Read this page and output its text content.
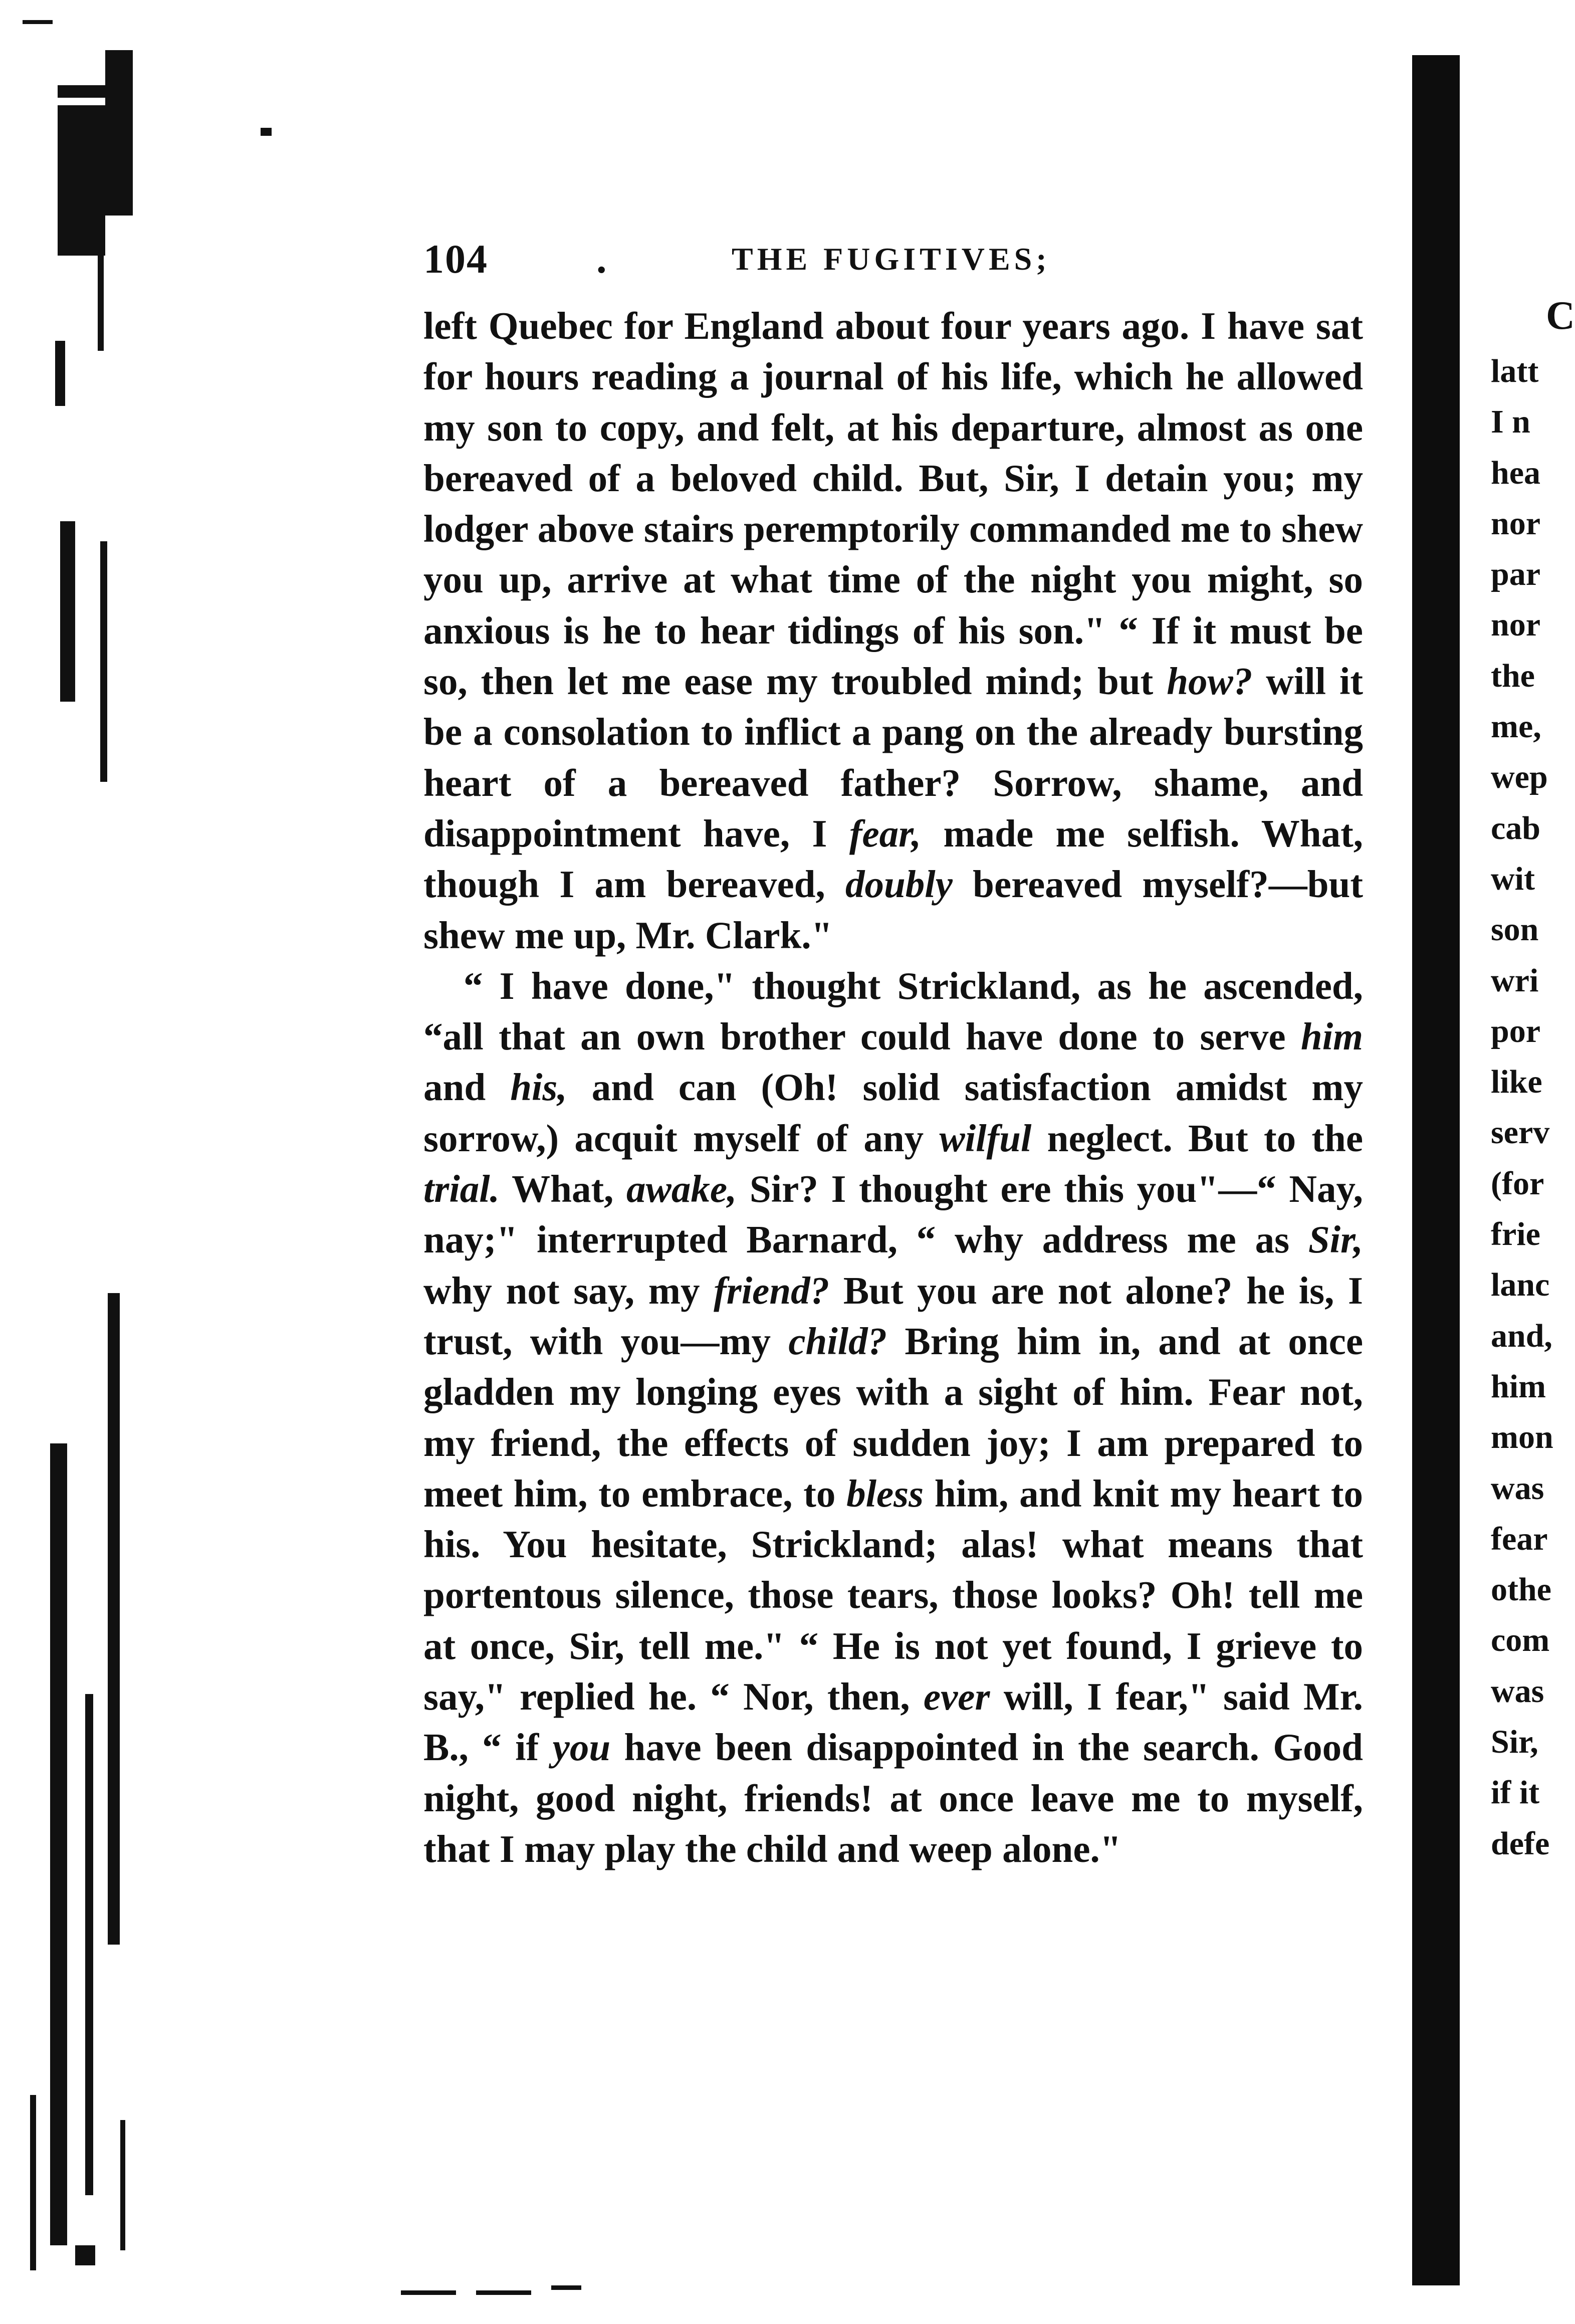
104	.	THE FUGITIVES;

left Quebec for England about four years ago. I have sat for hours reading a journal of his life, which he allowed my son to copy, and felt, at his departure, almost as one bereaved of a beloved child. But, Sir, I detain you; my lodger above stairs peremptorily commanded me to shew you up, arrive at what time of the night you might, so anxious is he to hear tidings of his son." “ If it must be so, then let me ease my troubled mind; but how? will it be a consolation to inflict a pang on the already bursting heart of a bereaved father? Sorrow, shame, and disappointment have, I fear, made me selfish. What, though I am bereaved, doubly bereaved myself?—but shew me up, Mr. Clark."

“ I have done," thought Strickland, as he ascended, “all that an own brother could have done to serve him and his, and can (Oh! solid satisfaction amidst my sorrow,) acquit myself of any wilful neglect. But to the trial. What, awake, Sir? I thought ere this you"—“ Nay, nay;" interrupted Barnard, “ why address me as Sir, why not say, my friend? But you are not alone? he is, I trust, with you—my child? Bring him in, and at once gladden my longing eyes with a sight of him. Fear not, my friend, the effects of sudden joy; I am prepared to meet him, to embrace, to bless him, and knit my heart to his. You hesitate, Strickland; alas! what means that portentous silence, those tears, those looks? Oh! tell me at once, Sir, tell me." “ He is not yet found, I grieve to say," replied he. “ Nor, then, ever will, I fear," said Mr. B., “ if you have been disappointed in the search. Good night, good night, friends! at once leave me to myself, that I may play the child and weep alone."

C
latt
I n
hea
nor
par
nor
the
me,
wep
cab
wit
son
wri
por
like
serv
(for
frie
lanc
and,
him
mon
was
fear
othe
com
was
Sir,
if it
defe
